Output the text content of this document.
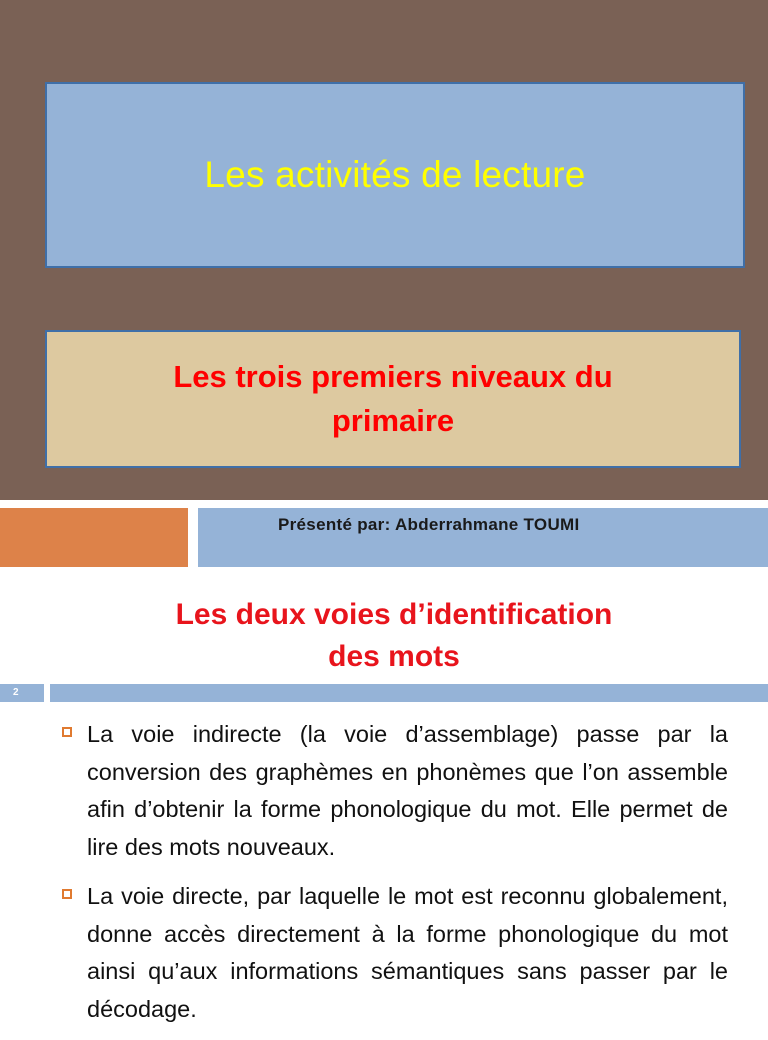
Les activités de lecture
Les trois premiers niveaux du primaire
Présenté par: Abderrahmane TOUMI
Les deux voies d’identification
des mots
2
La voie indirecte (la voie d’assemblage) passe par la conversion des graphèmes en phonèmes que l’on assemble afin d’obtenir la forme phonologique du mot. Elle permet de lire des mots nouveaux.
La voie directe, par laquelle le mot est reconnu globalement, donne accès directement à la forme phonologique du mot ainsi qu’aux informations sémantiques sans passer par le décodage.
